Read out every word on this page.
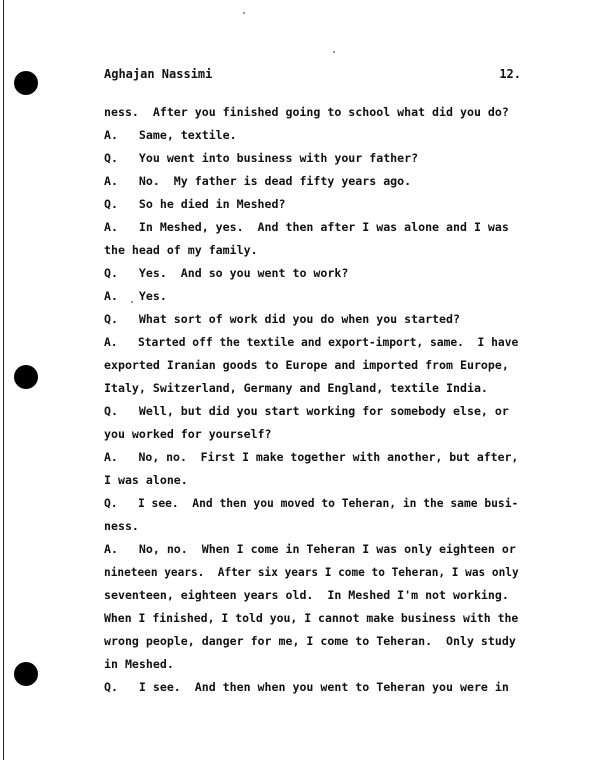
Aghajan Nassimi	12.
ness.  After you finished going to school what did you do?
A.   Same, textile.
Q.   You went into business with your father?
A.   No.  My father is dead fifty years ago.
Q.   So he died in Meshed?
A.   In Meshed, yes.  And then after I was alone and I was
the head of my family.
Q.   Yes.  And so you went to work?
A.   Yes.
Q.   What sort of work did you do when you started?
A.   Started off the textile and export-import, same.  I have
exported Iranian goods to Europe and imported from Europe,
Italy, Switzerland, Germany and England, textile India.
Q.   Well, but did you start working for somebody else, or
you worked for yourself?
A.   No, no.  First I make together with another, but after,
I was alone.
Q.   I see.  And then you moved to Teheran, in the same busi-
ness.
A.   No, no.  When I come in Teheran I was only eighteen or
nineteen years.  After six years I come to Teheran, I was only
seventeen, eighteen years old.  In Meshed I'm not working.
When I finished, I told you, I cannot make business with the
wrong people, danger for me, I come to Teheran.  Only study
in Meshed.
Q.   I see.  And then when you went to Teheran you were in
